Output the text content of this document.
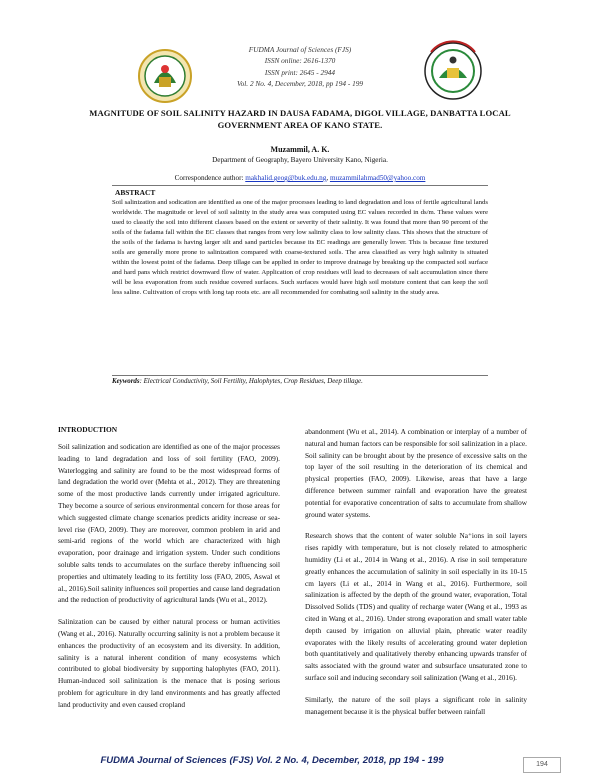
FUDMA Journal of Sciences (FJS)
ISSN online: 2616-1370
ISSN print: 2645 - 2944
Vol. 2 No. 4, December, 2018, pp 194 - 199
MAGNITUDE OF SOIL SALINITY HAZARD IN DAUSA FADAMA, DIGOL VILLAGE, DANBATTA LOCAL
GOVERNMENT AREA OF KANO STATE.
Muzammil, A. K.
Department of Geography, Bayero University Kano, Nigeria.
Correspondence author: makhalid.geog@buk.edu.ng, muzammilahmad50@yahoo.com
ABSTRACT
Soil salinization and sodication are identified as one of the major processes leading to land degradation and loss of fertile agricultural lands worldwide. The magnitude or level of soil salinity in the study area was computed using EC values recorded in ds/m. These values were used to classify the soil into different classes based on the extent or severity of their salinity. It was found that more than 90 percent of the soils of the fadama fall within the EC classes that ranges from very low salinity class to low salinity class. This shows that the structure of the soils of the fadama is having larger silt and sand particles because its EC readings are generally lower. This is because fine textured soils are generally more prone to salinization compared with coarse-textured soils. The area classified as very high salinity is situated within the lowest point of the fadama. Deep tillage can be applied in order to improve drainage by breaking up the compacted soil surface and hard pans which restrict downward flow of water. Application of crop residues will lead to decreases of salt accumulation since there will be less evaporation from such residue covered surfaces. Such surfaces would have high soil moisture content that can keep the soil less saline. Cultivation of crops with long tap roots etc. are all recommended for combating soil salinity in the study area.
Keywords: Electrical Conductivity, Soil Fertility, Halophytes, Crop Residues, Deep tillage.
INTRODUCTION

Soil salinization and sodication are identified as one of the major processes leading to land degradation and loss of soil fertility (FAO, 2009). Waterlogging and salinity are found to be the most widespread forms of land degradation the world over (Mehta et al., 2012). They are threatening some of the most productive lands currently under irrigated agriculture. They become a source of serious environmental concern for those areas for which suggested climate change scenarios predicts aridity increase or sea-level rise (FAO, 2009). They are moreover, common problem in arid and semi-arid regions of the world which are characterized with high evaporation, poor drainage and irrigation system. Under such conditions soluble salts tends to accumulates on the surface thereby influencing soil properties and ultimately leading to its fertility loss (FAO, 2005, Aswal et al., 2016).Soil salinity influences soil properties and cause land degradation and the reduction of productivity of agricultural lands (Wu et al., 2012).

Salinization can be caused by either natural process or human activities (Wang et al., 2016). Naturally occurring salinity is not a problem because it enhances the productivity of an ecosystem and its diversity. In addition, salinity is a natural inherent condition of many ecosystems which contributed to global biodiversity by supporting halophytes (FAO, 2011). Human-induced soil salinization is the menace that is posing serious problem for agriculture in dry land environments and has greatly affected land productivity and even caused cropland

abandonment (Wu et al., 2014). A combination or interplay of a number of natural and human factors can be responsible for soil salinization in a place. Soil salinity can be brought about by the presence of excessive salts on the top layer of the soil resulting in the deterioration of its chemical and physical properties (FAO, 2009). Likewise, areas that have a large difference between summer rainfall and evaporation have the greatest potential for evaporative concentration of salts to accumulate from shallow ground water systems.

Research shows that the content of water soluble Na⁺ions in soil layers rises rapidly with temperature, but is not closely related to atmospheric humidity (Li et al., 2014 in Wang et al., 2016). A rise in soil temperature greatly enhances the accumulation of salinity in soil especially in its 10-15 cm layers (Li et al., 2014 in Wang et al., 2016). Furthermore, soil salinization is affected by the depth of the ground water, evaporation, Total Dissolved Solids (TDS) and quality of recharge water (Wang et al., 1993 as cited in Wang et al., 2016). Under strong evaporation and small water table depth caused by irrigation on alluvial plain, phreatic water readily evaporates with the likely results of accelerating ground water depletion both quantitatively and qualitatively thereby enhancing upwards transfer of salts associated with the ground water and subsurface unsaturated zone to surface soil and inducing secondary soil salinization (Wang et al., 2016).

Similarly, the nature of the soil plays a significant role in salinity management because it is the physical buffer between rainfall

FUDMA Journal of Sciences (FJS) Vol. 2 No. 4, December, 2018, pp 194 - 199	194
